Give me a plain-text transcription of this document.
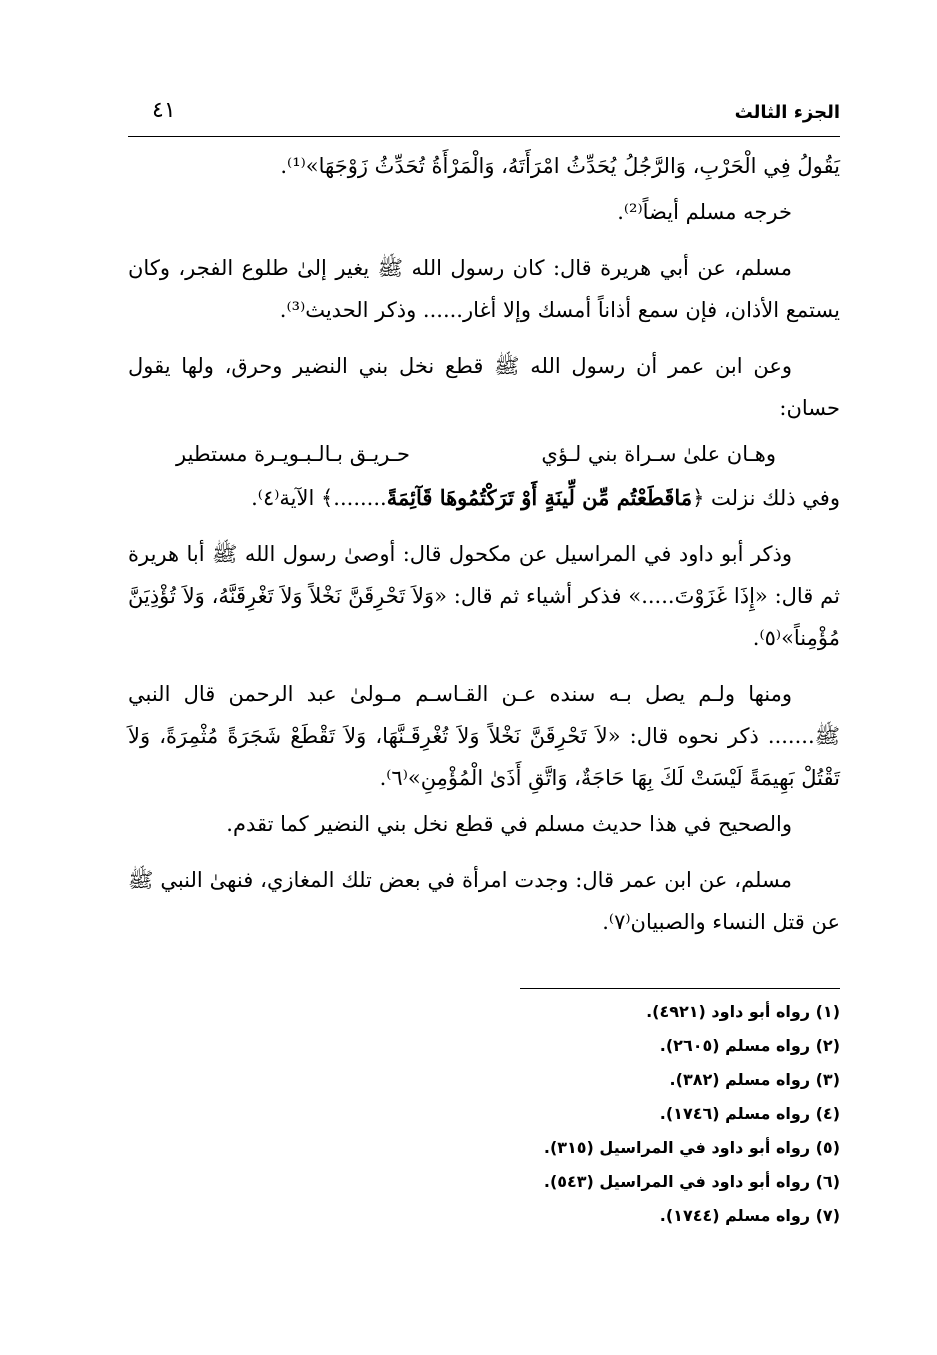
الجزء الثالث
٤١

يَقُولُ فِي الْحَرْبِ، وَالرَّجُلُ يُحَدِّثُ امْرَأَتَهُ، وَالْمَرْأَةُ تُحَدِّثُ زَوْجَهَا»⁽¹⁾.

خرجه مسلم أيضاً⁽²⁾.

مسلم، عن أبي هريرة قال: كان رسول الله ﷺ يغير إلىٰ طلوع الفجر، وكان يستمع الأذان، فإن سمع أذاناً أمسك وإلا أغار...... وذكر الحديث⁽³⁾.

وعن ابن عمر أن رسول الله ﷺ قطع نخل بني النضير وحرق، ولها يقول حسان:

وهـان علىٰ سـراة بني لـؤي
حـريـق بـالـبـويـرة مستطير

وفي ذلك نزلت ﴿مَاقَطَعْتُم مِّن لِّينَةٍ أَوْ تَرَكْتُمُوهَا قَآئِمَةً........﴾ الآية⁽٤⁾.

وذكر أبو داود في المراسيل عن مكحول قال: أوصىٰ رسول الله ﷺ أبا هريرة ثم قال: «إِذَا غَزَوْتَ.....» فذكر أشياء ثم قال: «وَلاَ تَحْرِقَنَّ نَخْلاً وَلاَ تَغْرِقَنَّهُ، وَلاَ تُؤْذِيَنَّ مُؤْمِناً»⁽٥⁾.

ومنها ولـم يصل بـه سنده عـن القـاسـم مـولىٰ عبد الرحمن قال النبي ﷺ....... ذكر نحوه قال: «لاَ تَحْرِقَنَّ نَخْلاً وَلاَ تُغْرِقَـنَّهَا، وَلاَ تَقْطَعْ شَجَرَةً مُثْمِرَةً، وَلاَ تَقْتُلْ بَهِيمَةً لَيْسَتْ لَكَ بِهَا حَاجَةٌ، وَاتَّقِ أَذَىٰ الْمُؤْمِنِ»⁽٦⁾.

والصحيح في هذا حديث مسلم في قطع نخل بني النضير كما تقدم.

مسلم، عن ابن عمر قال: وجدت امرأة في بعض تلك المغازي، فنهىٰ النبي ﷺ عن قتل النساء والصبيان⁽٧⁾.

(١) رواه أبو داود (٤٩٢١).

(٢) رواه مسلم (٢٦٠٥).

(٣) رواه مسلم (٣٨٢).

(٤) رواه مسلم (١٧٤٦).

(٥) رواه أبو داود في المراسيل (٣١٥).

(٦) رواه أبو داود في المراسيل (٥٤٣).

(٧) رواه مسلم (١٧٤٤).
